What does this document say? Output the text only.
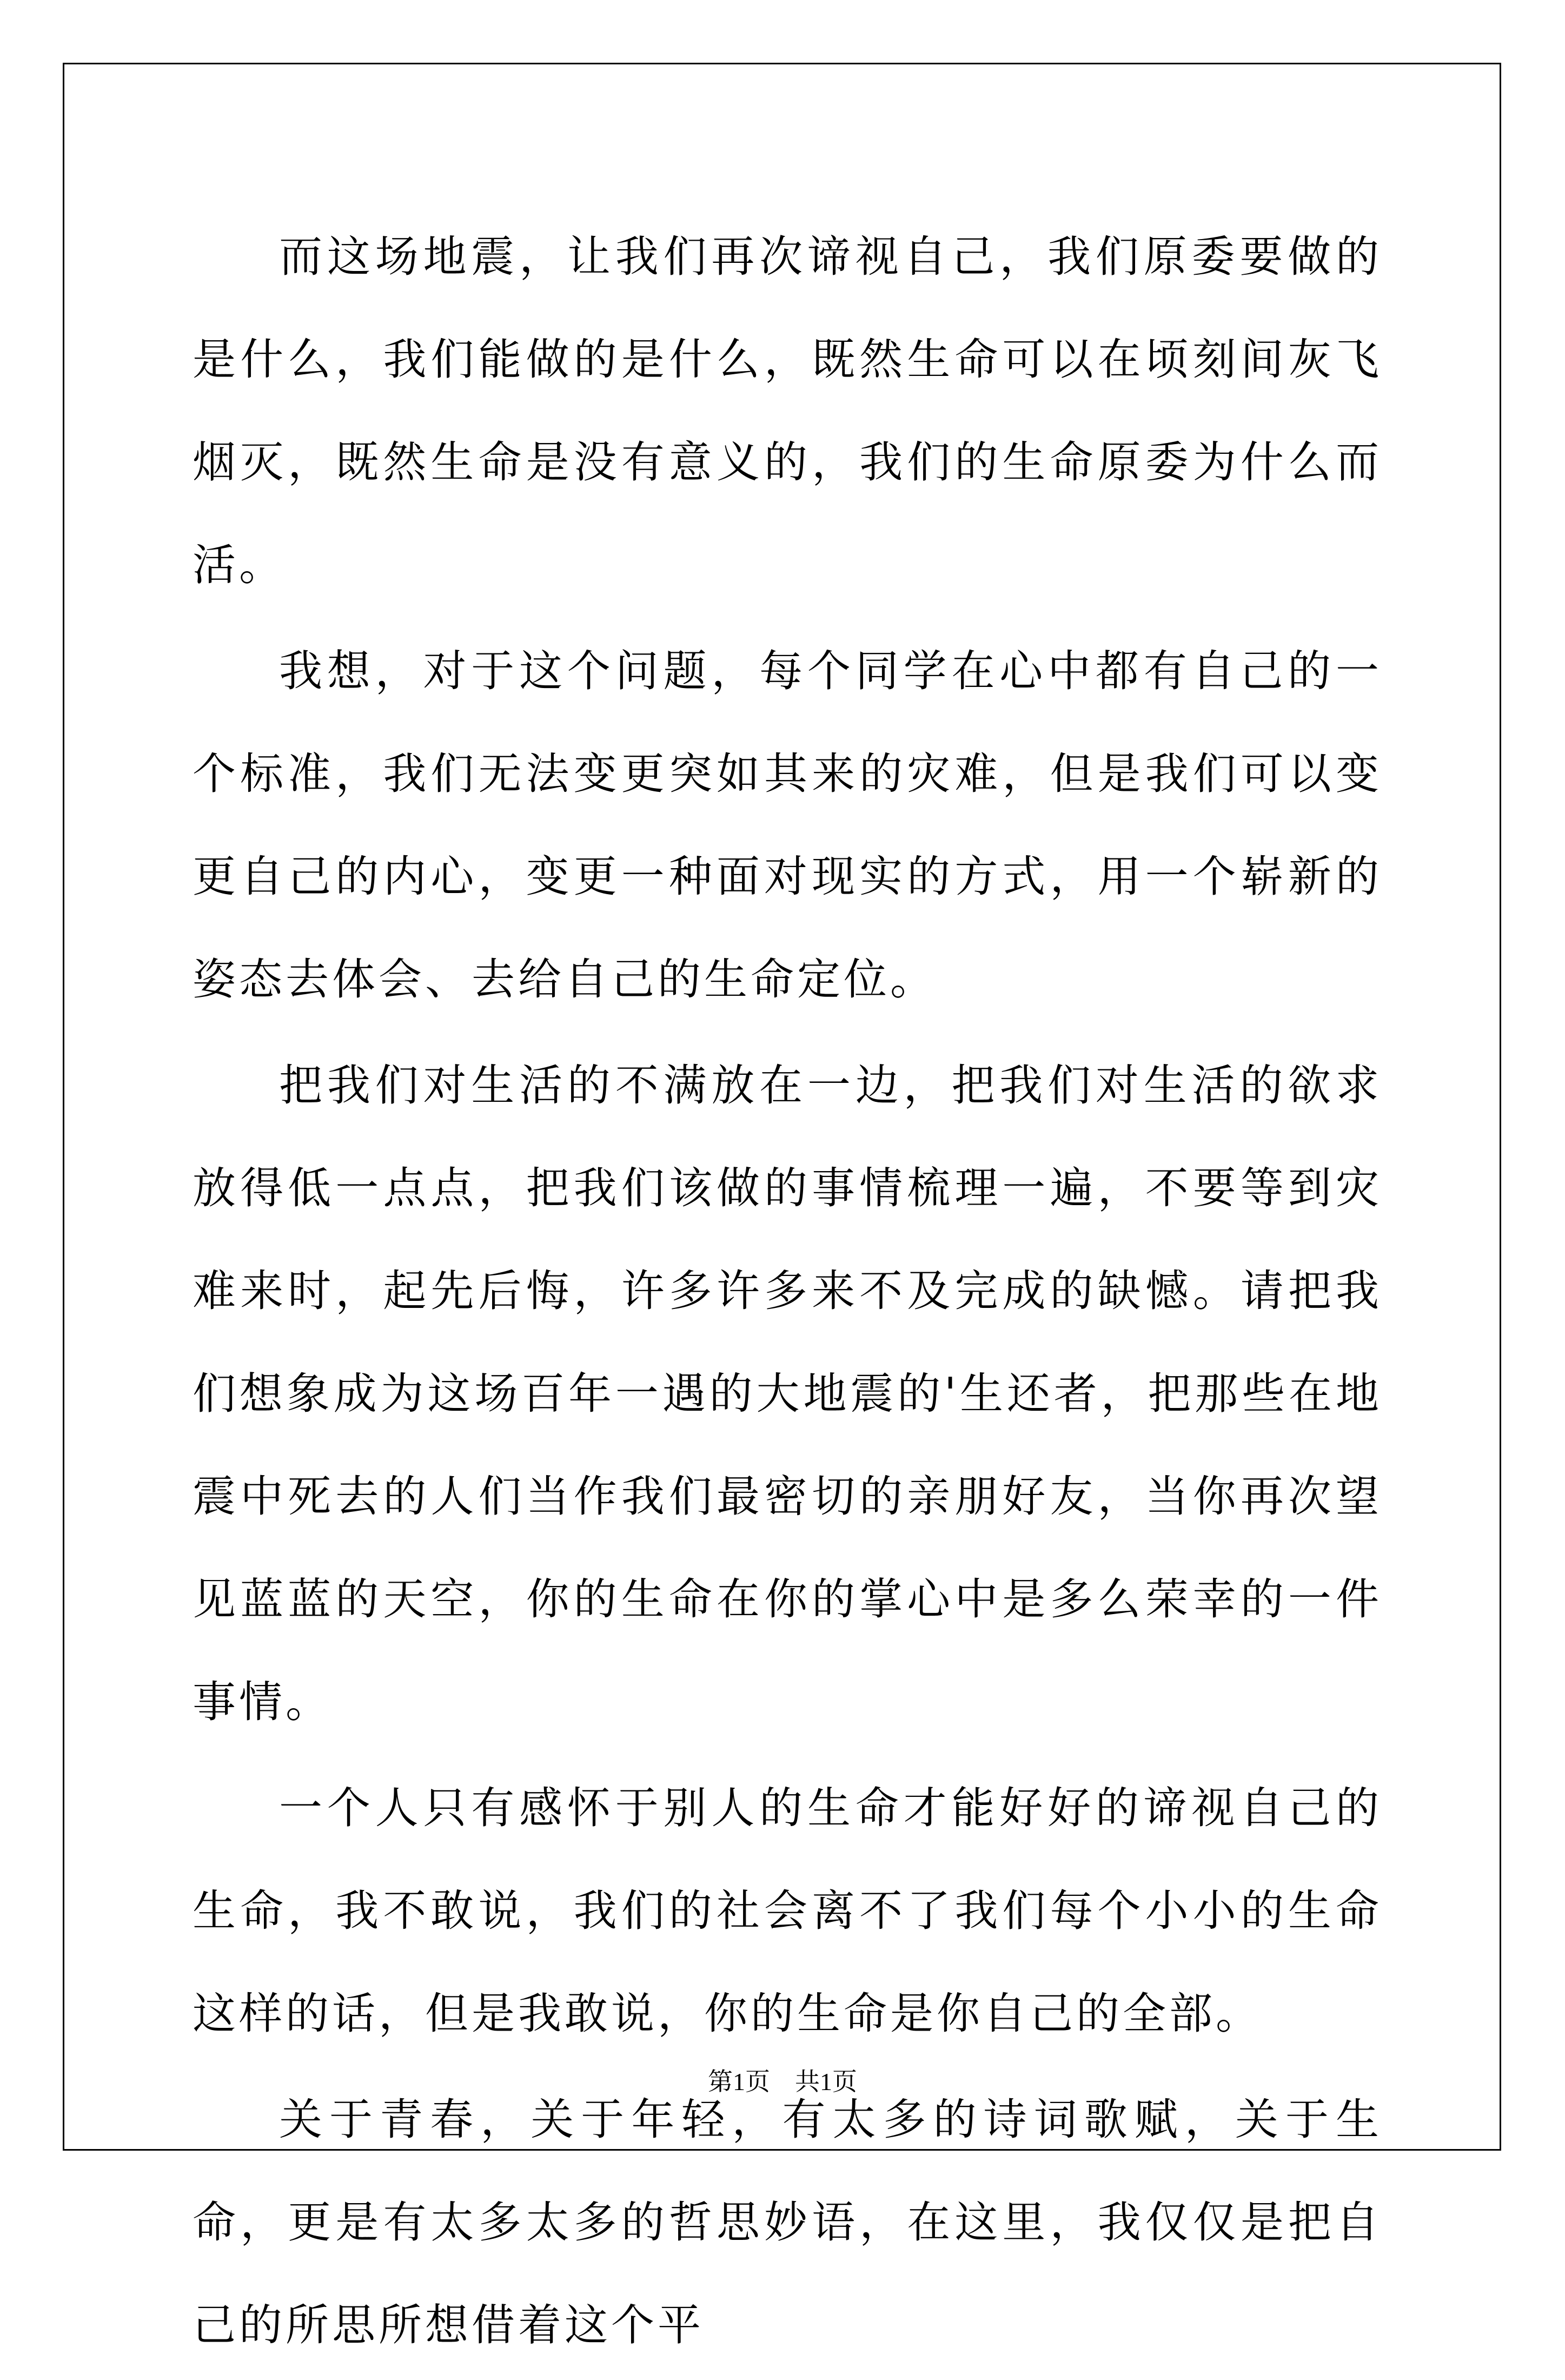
而这场地震，让我们再次谛视自己，我们原委要做的是什么，我们能做的是什么，既然生命可以在顷刻间灰飞烟灭，既然生命是没有意义的，我们的生命原委为什么而活。

我想，对于这个问题，每个同学在心中都有自己的一个标准，我们无法变更突如其来的灾难，但是我们可以变更自己的内心，变更一种面对现实的方式，用一个崭新的姿态去体会、去给自己的生命定位。

把我们对生活的不满放在一边，把我们对生活的欲求放得低一点点，把我们该做的事情梳理一遍，不要等到灾难来时，起先后悔，许多许多来不及完成的缺憾。请把我们想象成为这场百年一遇的大地震的'生还者，把那些在地震中死去的人们当作我们最密切的亲朋好友，当你再次望见蓝蓝的天空，你的生命在你的掌心中是多么荣幸的一件事情。

一个人只有感怀于别人的生命才能好好的谛视自己的生命，我不敢说，我们的社会离不了我们每个小小的生命这样的话，但是我敢说，你的生命是你自己的全部。

关于青春，关于年轻，有太多的诗词歌赋，关于生命，更是有太多太多的哲思妙语，在这里，我仅仅是把自己的所思所想借着这个平

第1页　共1页
